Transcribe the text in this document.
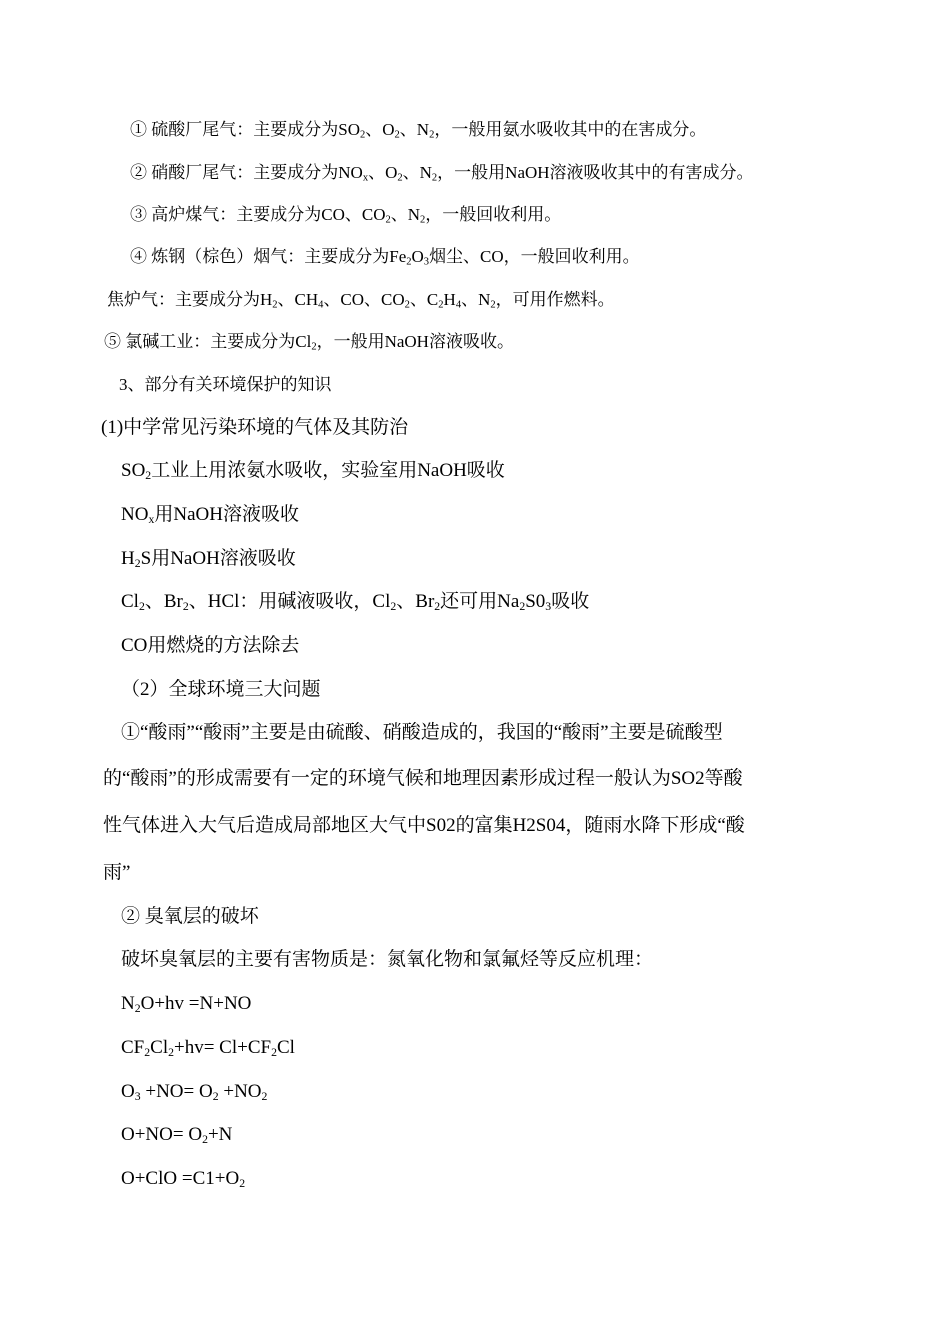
① 硫酸厂尾气：主要成分为$SO_2$、$O_2$、$N_2$，一般用氨水吸收其中的在害成分。
② 硝酸厂尾气：主要成分为$NO_x$、$O_2$、$N_2$，一般用NaOH溶液吸收其中的有害成分。
③ 高炉煤气：主要成分为CO、$CO_2$、$N_2$，一般回收利用。
④ 炼钢（棕色）烟气：主要成分为$Fe_2O_3$烟尘、CO，一般回收利用。
焦炉气：主要成分为$H_2$、$CH_4$、CO、$CO_2$、$C_2H_4$、$N_2$，可用作燃料。
⑤ 氯碱工业：主要成分为$Cl_2$，一般用NaOH溶液吸收。
3、部分有关环境保护的知识
(1)中学常见污染环境的气体及其防治
$SO_2$工业上用浓氨水吸收，实验室用NaOH吸收
$NO_x$用NaOH溶液吸收
$H_2S$用NaOH溶液吸收
$Cl_2$、$Br_2$、HCl：用碱液吸收，$Cl_2$、$Br_2$还可用$Na_2S0_3$吸收
CO用燃烧的方法除去
（2）全球环境三大问题
①“酸雨”“酸雨”主要是由硫酸、硝酸造成的，我国的“酸雨”主要是硫酸型
的“酸雨”的形成需要有一定的环境气候和地理因素形成过程一般认为SO2等酸
性气体进入大气后造成局部地区大气中S02的富集H2S04，随雨水降下形成“酸
雨”
② 臭氧层的破坏
破坏臭氧层的主要有害物质是：氮氧化物和氯氟烃等反应机理：
$N_2O+hv =N+NO$
$CF_2Cl_2+hv= Cl+CF_2Cl$
$O_3 +NO= O_2 +NO_2$
$O+NO= O_2+N$
$O+ClO =C1+O_2$
